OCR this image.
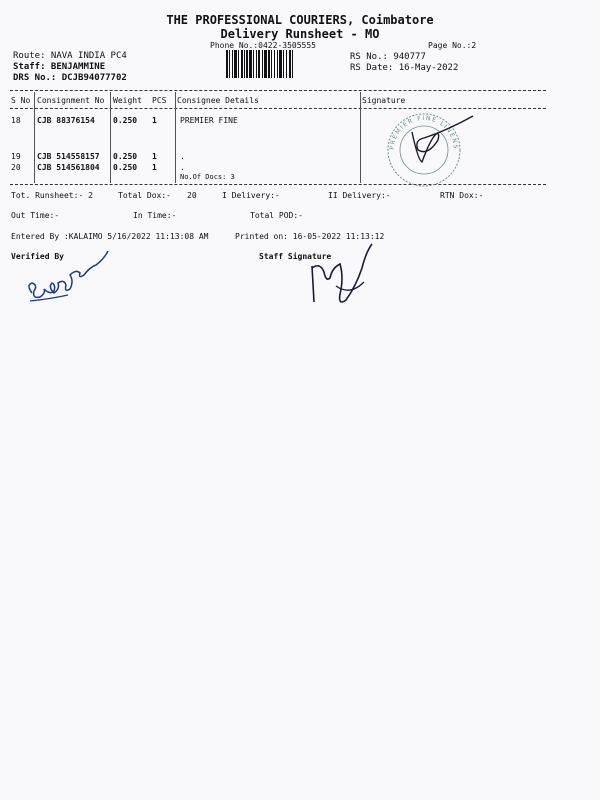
THE PROFESSIONAL COURIERS, Coimbatore
Delivery Runsheet - MO
Phone No.:0422-3505555	Page No.:2
Route: NAVA INDIA PC4
Staff: BENJAMMINE
DRS No.: DCJB94077702
RS No.: 940777
RS Date: 16-May-2022
S No Consignment No Weight PCS Consignee Details	Signature
18 CJB 88376154 0.250 1	PREMIER FINE
19 CJB 514558157 0.250 1	.
20 CJB 514561804 0.250 1	.
No.Of Docs: 3
PREMIER FINE LINENS
Tot. Runsheet:- 2	Total Dox:- 20	I Delivery:-	II Delivery:-	RTN Dox:-
Out Time:-	In Time:-	Total POD:-
Entered By :KALAIMO 5/16/2022 11:13:08 AM	Printed on: 16-05-2022 11:13:12
Verified By	Staff Signature
